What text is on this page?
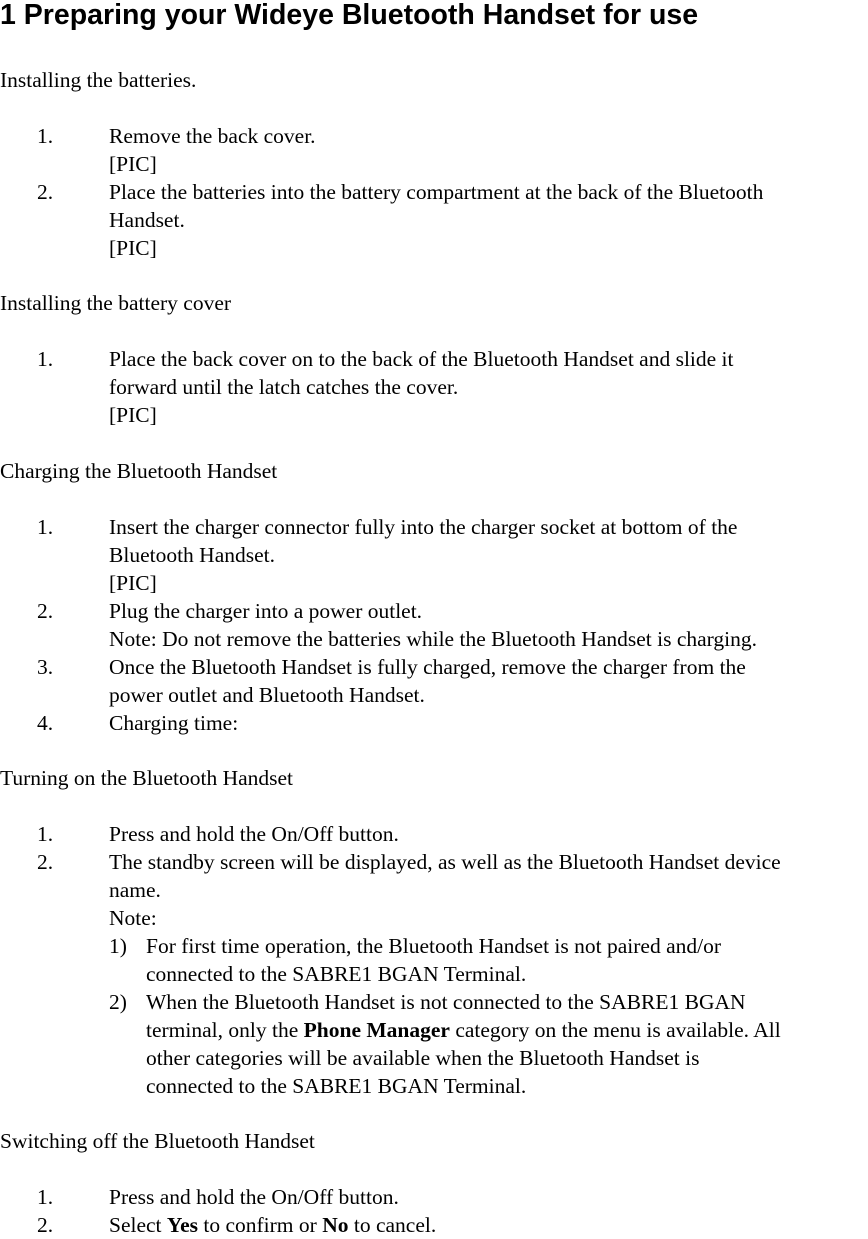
1 Preparing your Wideye Bluetooth Handset for use
Installing the batteries.
1.	Remove the back cover.
[PIC]
2.	Place the batteries into the battery compartment at the back of the Bluetooth
Handset.
[PIC]
Installing the battery cover
1.	Place the back cover on to the back of the Bluetooth Handset and slide it
forward until the latch catches the cover.
[PIC]
Charging the Bluetooth Handset
1.	Insert the charger connector fully into the charger socket at bottom of the
Bluetooth Handset.
[PIC]
2.	Plug the charger into a power outlet.
Note: Do not remove the batteries while the Bluetooth Handset is charging.
3.	Once the Bluetooth Handset is fully charged, remove the charger from the
power outlet and Bluetooth Handset.
4.	Charging time:
Turning on the Bluetooth Handset
1.	Press and hold the On/Off button.
2.	The standby screen will be displayed, as well as the Bluetooth Handset device
name.
Note:
1) For first time operation, the Bluetooth Handset is not paired and/or
connected to the SABRE1 BGAN Terminal.
2) When the Bluetooth Handset is not connected to the SABRE1 BGAN
terminal, only the Phone Manager category on the menu is available. All
other categories will be available when the Bluetooth Handset is
connected to the SABRE1 BGAN Terminal.
Switching off the Bluetooth Handset
1.	Press and hold the On/Off button.
2.	Select Yes to confirm or No to cancel.
